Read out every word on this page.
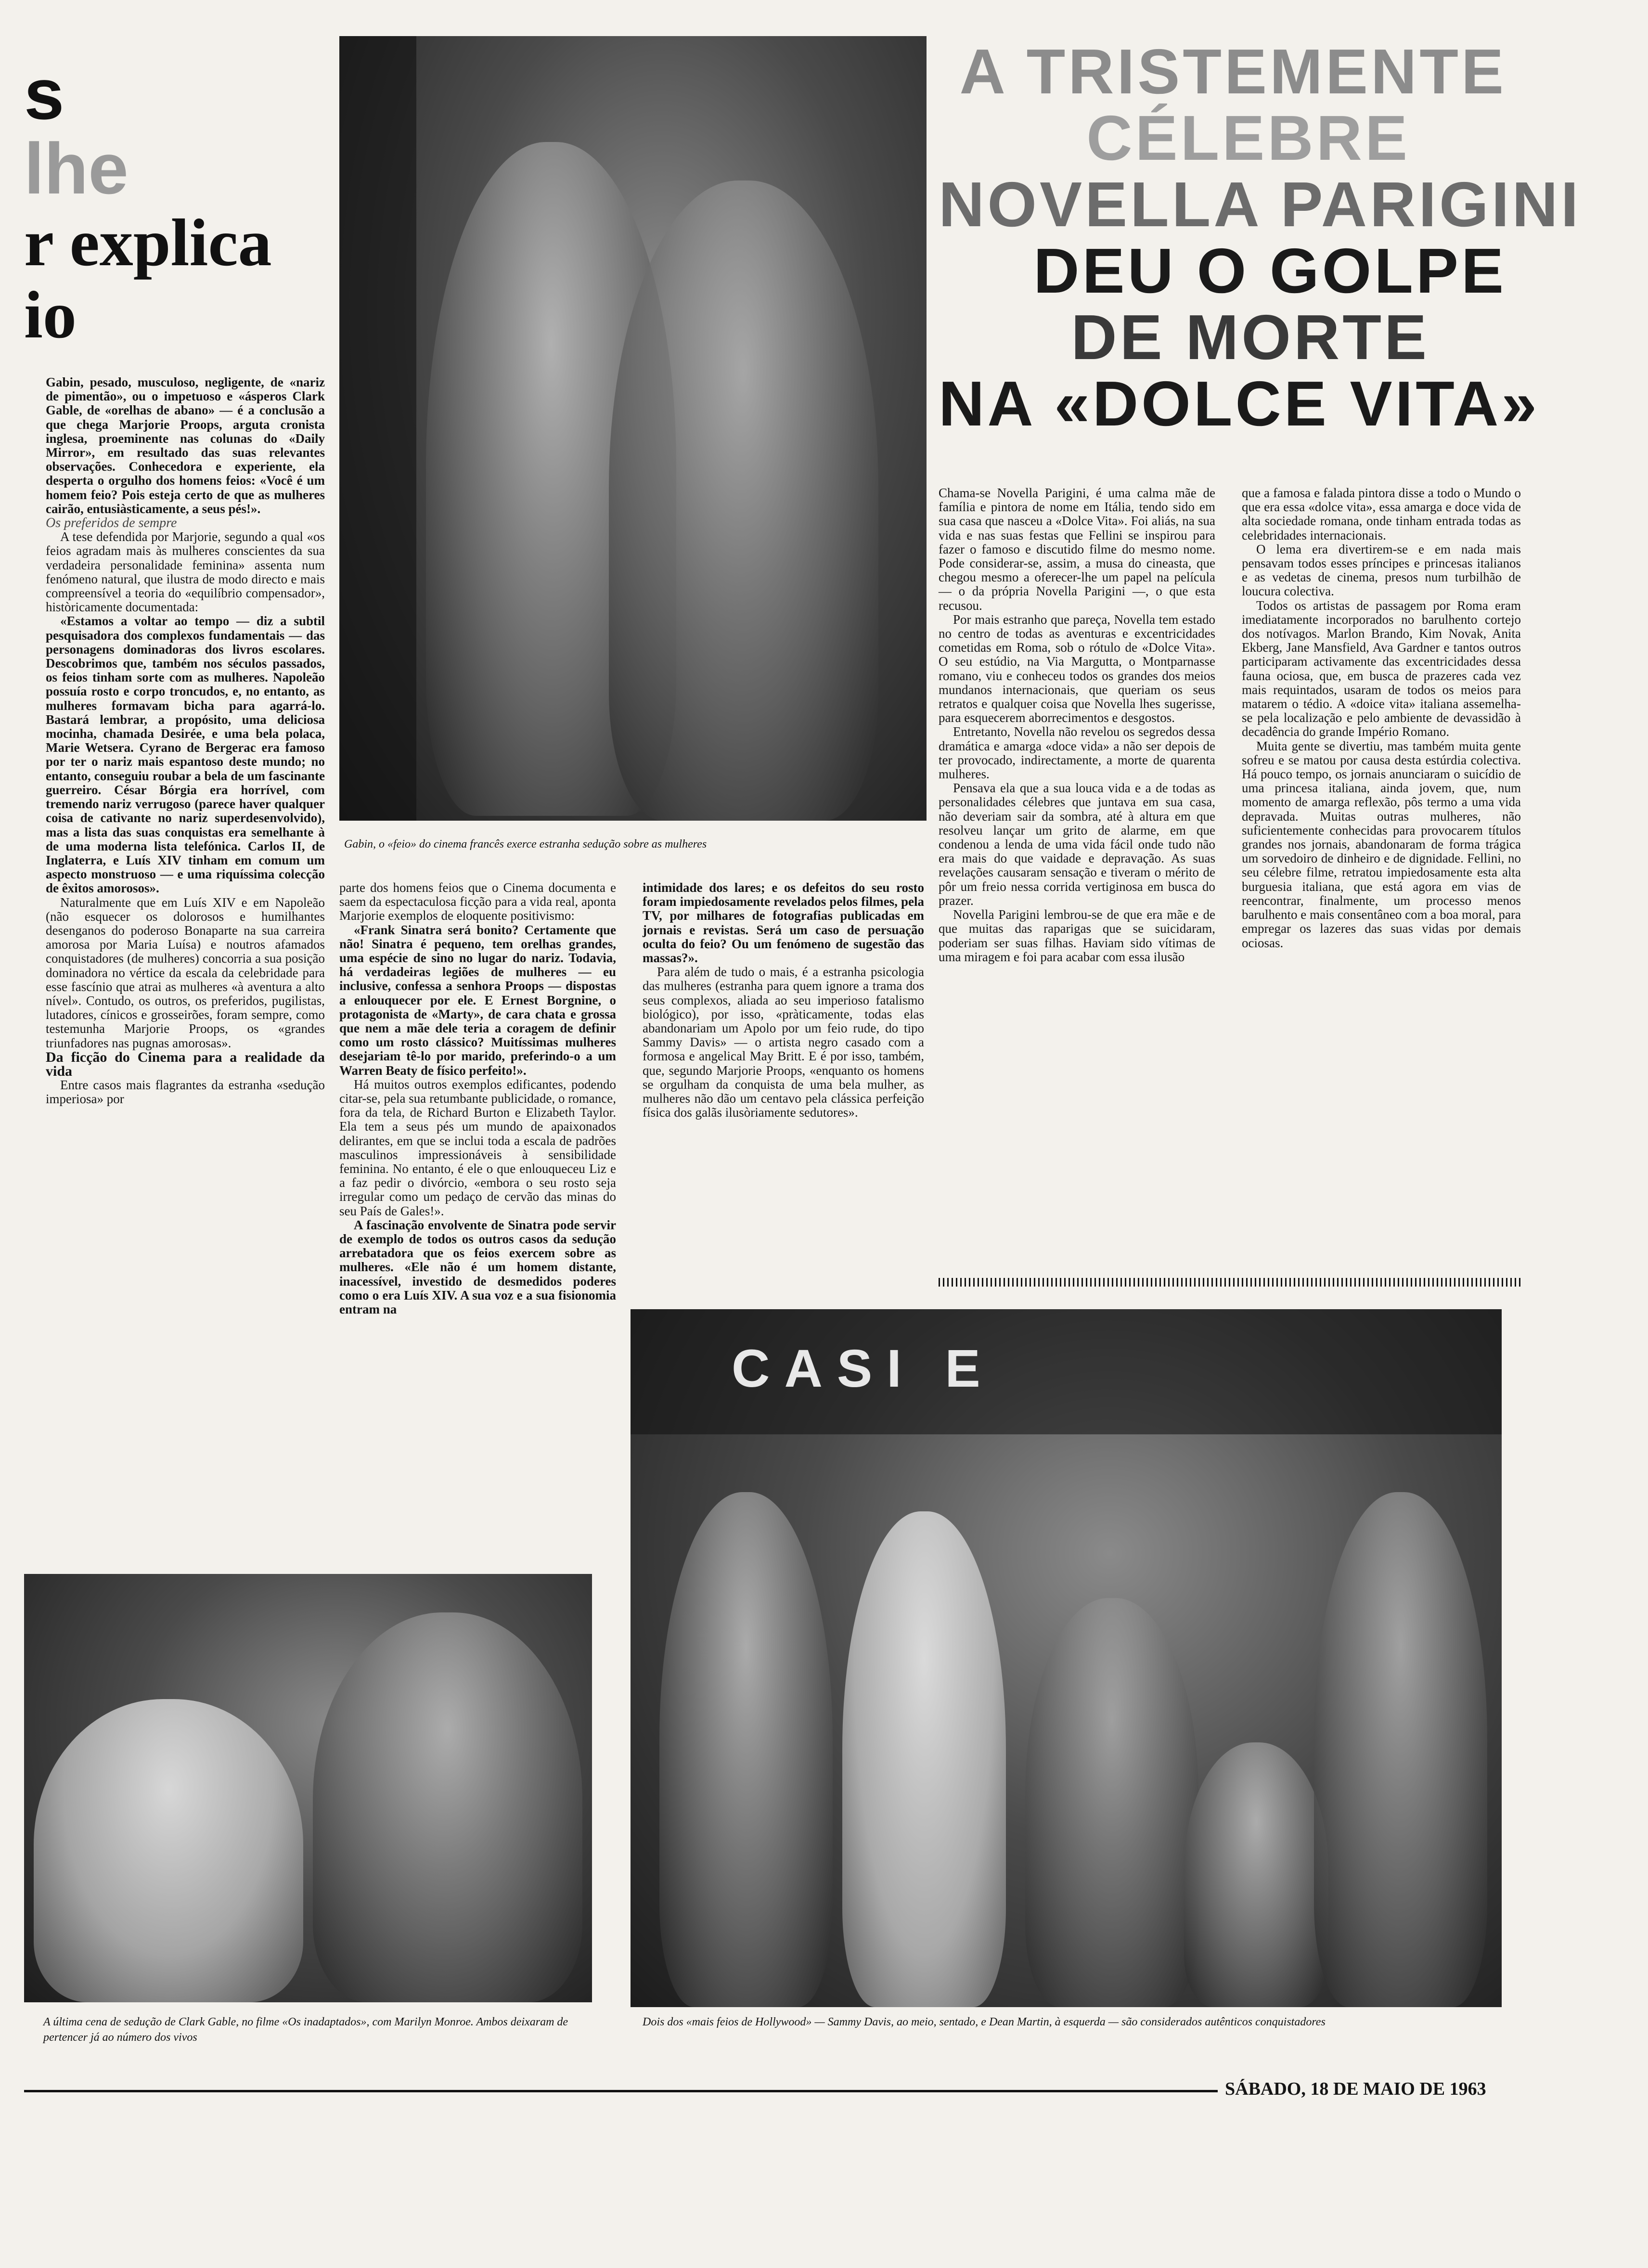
s
lhe
r explica
io

Gabin, pesado, musculoso, negligente, de «nariz de pimentão», ou o impetuoso e «ásperos Clark Gable, de «orelhas de abano» — é a conclusão a que chega Marjorie Proops, arguta cronista inglesa, proeminente nas colunas do «Daily Mirror», em resultado das suas relevantes observações. Conhecedora e experiente, ela desperta o orgulho dos homens feios: «Você é um homem feio? Pois esteja certo de que as mulheres cairão, entusiàsticamente, a seus pés!».

Os preferidos de sempre

A tese defendida por Marjorie, segundo a qual «os feios agradam mais às mulheres conscientes da sua verdadeira personalidade feminina» assenta num fenómeno natural, que ilustra de modo directo e mais compreensível a teoria do «equilíbrio compensador», històricamente documentada:

«Estamos a voltar ao tempo — diz a subtil pesquisadora dos complexos fundamentais — das personagens dominadoras dos livros escolares. Descobrimos que, também nos séculos passados, os feios tinham sorte com as mulheres. Napoleão possuía rosto e corpo troncudos, e, no entanto, as mulheres formavam bicha para agarrá-lo. Bastará lembrar, a propósito, uma deliciosa mocinha, chamada Desirée, e uma bela polaca, Marie Wetsera. Cyrano de Bergerac era famoso por ter o nariz mais espantoso deste mundo; no entanto, conseguiu roubar a bela de um fascinante guerreiro. César Bórgia era horrível, com tremendo nariz verrugoso (parece haver qualquer coisa de cativante no nariz superdesenvolvido), mas a lista das suas conquistas era semelhante à de uma moderna lista telefónica. Carlos II, de Inglaterra, e Luís XIV tinham em comum um aspecto monstruoso — e uma riquíssima colecção de êxitos amorosos».

Naturalmente que em Luís XIV e em Napoleão (não esquecer os dolorosos e humilhantes desenganos do poderoso Bonaparte na sua carreira amorosa por Maria Luísa) e noutros afamados conquistadores (de mulheres) concorria a sua posição dominadora no vértice da escala da celebridade para esse fascínio que atrai as mulheres «à aventura a alto nível». Contudo, os outros, os preferidos, pugilistas, lutadores, cínicos e grosseirões, foram sempre, como testemunha Marjorie Proops, os «grandes triunfadores nas pugnas amorosas».

Da ficção do Cinema para a realidade da vida

Entre casos mais flagrantes da estranha «sedução imperiosa» por

Gabin, o «feio» do cinema francês exerce estranha sedução sobre as mulheres

parte dos homens feios que o Cinema documenta e saem da espectaculosa ficção para a vida real, aponta Marjorie exemplos de eloquente positivismo:

«Frank Sinatra será bonito? Certamente que não! Sinatra é pequeno, tem orelhas grandes, uma espécie de sino no lugar do nariz. Todavia, há verdadeiras legiões de mulheres — eu inclusive, confessa a senhora Proops — dispostas a enlouquecer por ele. E Ernest Borgnine, o protagonista de «Marty», de cara chata e grossa que nem a mãe dele teria a coragem de definir como um rosto clássico? Muitíssimas mulheres desejariam tê-lo por marido, preferindo-o a um Warren Beaty de físico perfeito!».

Há muitos outros exemplos edificantes, podendo citar-se, pela sua retumbante publicidade, o romance, fora da tela, de Richard Burton e Elizabeth Taylor. Ela tem a seus pés um mundo de apaixonados delirantes, em que se inclui toda a escala de padrões masculinos impressionáveis à sensibilidade feminina. No entanto, é ele o que enlouqueceu Liz e a faz pedir o divórcio, «embora o seu rosto seja irregular como um pedaço de cervão das minas do seu País de Gales!».

A fascinação envolvente de Sinatra pode servir de exemplo de todos os outros casos da sedução arrebatadora que os feios exercem sobre as mulheres. «Ele não é um homem distante, inacessível, investido de desmedidos poderes como o era Luís XIV. A sua voz e a sua fisionomia entram na

intimidade dos lares; e os defeitos do seu rosto foram impiedosamente revelados pelos filmes, pela TV, por milhares de fotografias publicadas em jornais e revistas. Será um caso de persuação oculta do feio? Ou um fenómeno de sugestão das massas?».

Para além de tudo o mais, é a estranha psicologia das mulheres (estranha para quem ignore a trama dos seus complexos, aliada ao seu imperioso fatalismo biológico), por isso, «pràticamente, todas elas abandonariam um Apolo por um feio rude, do tipo Sammy Davis» — o artista negro casado com a formosa e angelical May Britt. E é por isso, também, que, segundo Marjorie Proops, «enquanto os homens se orgulham da conquista de uma bela mulher, as mulheres não dão um centavo pela clássica perfeição física dos galãs ilusòriamente sedutores».

A TRISTEMENTE
CÉLEBRE
NOVELLA PARIGINI
DEU O GOLPE
DE MORTE
NA «DOLCE VITA»

Chama-se Novella Parigini, é uma calma mãe de família e pintora de nome em Itália, tendo sido em sua casa que nasceu a «Dolce Vita». Foi aliás, na sua vida e nas suas festas que Fellini se inspirou para fazer o famoso e discutido filme do mesmo nome. Pode considerar-se, assim, a musa do cineasta, que chegou mesmo a oferecer-lhe um papel na película — o da própria Novella Parigini —, o que esta recusou.

Por mais estranho que pareça, Novella tem estado no centro de todas as aventuras e excentricidades cometidas em Roma, sob o rótulo de «Dolce Vita». O seu estúdio, na Via Margutta, o Montparnasse romano, viu e conheceu todos os grandes dos meios mundanos internacionais, que queriam os seus retratos e qualquer coisa que Novella lhes sugerisse, para esquecerem aborrecimentos e desgostos.

Entretanto, Novella não revelou os segredos dessa dramática e amarga «doce vida» a não ser depois de ter provocado, indirectamente, a morte de quarenta mulheres.

Pensava ela que a sua louca vida e a de todas as personalidades célebres que juntava em sua casa, não deveriam sair da sombra, até à altura em que resolveu lançar um grito de alarme, em que condenou a lenda de uma vida fácil onde tudo não era mais do que vaidade e depravação. As suas revelações causaram sensação e tiveram o mérito de pôr um freio nessa corrida vertiginosa em busca do prazer.

Novella Parigini lembrou-se de que era mãe e de que muitas das raparigas que se suicidaram, poderiam ser suas filhas. Haviam sido vítimas de uma miragem e foi para acabar com essa ilusão

que a famosa e falada pintora disse a todo o Mundo o que era essa «dolce vita», essa amarga e doce vida de alta sociedade romana, onde tinham entrada todas as celebridades internacionais.

O lema era divertirem-se e em nada mais pensavam todos esses príncipes e princesas italianos e as vedetas de cinema, presos num turbilhão de loucura colectiva.

Todos os artistas de passagem por Roma eram imediatamente incorporados no barulhento cortejo dos notívagos. Marlon Brando, Kim Novak, Anita Ekberg, Jane Mansfield, Ava Gardner e tantos outros participaram activamente das excentricidades dessa fauna ociosa, que, em busca de prazeres cada vez mais requintados, usaram de todos os meios para matarem o tédio. A «doice vita» italiana assemelha-se pela localização e pelo ambiente de devassidão à decadência do grande Império Romano.

Muita gente se divertiu, mas também muita gente sofreu e se matou por causa desta estúrdia colectiva. Há pouco tempo, os jornais anunciaram o suicídio de uma princesa italiana, ainda jovem, que, num momento de amarga reflexão, pôs termo a uma vida depravada. Muitas outras mulheres, não suficientemente conhecidas para provocarem títulos grandes nos jornais, abandonaram de forma trágica um sorvedoiro de dinheiro e de dignidade. Fellini, no seu célebre filme, retratou impiedosamente esta alta burguesia italiana, que está agora em vias de reencontrar, finalmente, um processo menos barulhento e mais consentâneo com a boa moral, para empregar os lazeres das suas vidas por demais ociosas.

CASI E
Dois dos «mais feios de Hollywood» — Sammy Davis, ao meio, sentado, e Dean Martin, à esquerda — são considerados autênticos conquistadores
A última cena de sedução de Clark Gable, no filme «Os inadaptados», com Marilyn Monroe. Ambos deixaram de pertencer já ao número dos vivos
SÁBADO, 18 DE MAIO DE 1963
